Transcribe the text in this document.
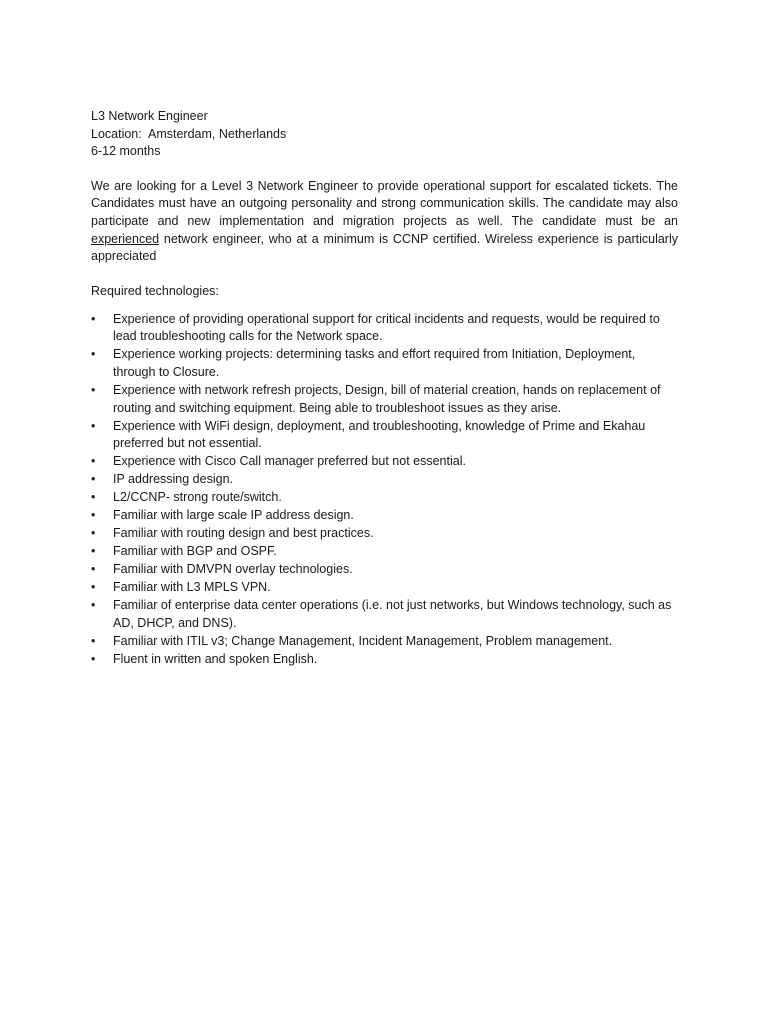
L3 Network Engineer
Location: Amsterdam, Netherlands
6-12 months
We are looking for a Level 3 Network Engineer to provide operational support for escalated tickets. The Candidates must have an outgoing personality and strong communication skills. The candidate may also participate and new implementation and migration projects as well. The candidate must be an experienced network engineer, who at a minimum is CCNP certified. Wireless experience is particularly appreciated
Required technologies:
•	Experience of providing operational support for critical incidents and requests, would be required to lead troubleshooting calls for the Network space.
•	Experience working projects: determining tasks and effort required from Initiation, Deployment, through to Closure.
•	Experience with network refresh projects, Design, bill of material creation, hands on replacement of routing and switching equipment. Being able to troubleshoot issues as they arise.
•	Experience with WiFi design, deployment, and troubleshooting, knowledge of Prime and Ekahau preferred but not essential.
•	Experience with Cisco Call manager preferred but not essential.
•	IP addressing design.
•	L2/CCNP- strong route/switch.
•	Familiar with large scale IP address design.
•	Familiar with routing design and best practices.
•	Familiar with BGP and OSPF.
•	Familiar with DMVPN overlay technologies.
•	Familiar with L3 MPLS VPN.
•	Familiar of enterprise data center operations (i.e. not just networks, but Windows technology, such as AD, DHCP, and DNS).
•	Familiar with ITIL v3; Change Management, Incident Management, Problem management.
•	Fluent in written and spoken English.
